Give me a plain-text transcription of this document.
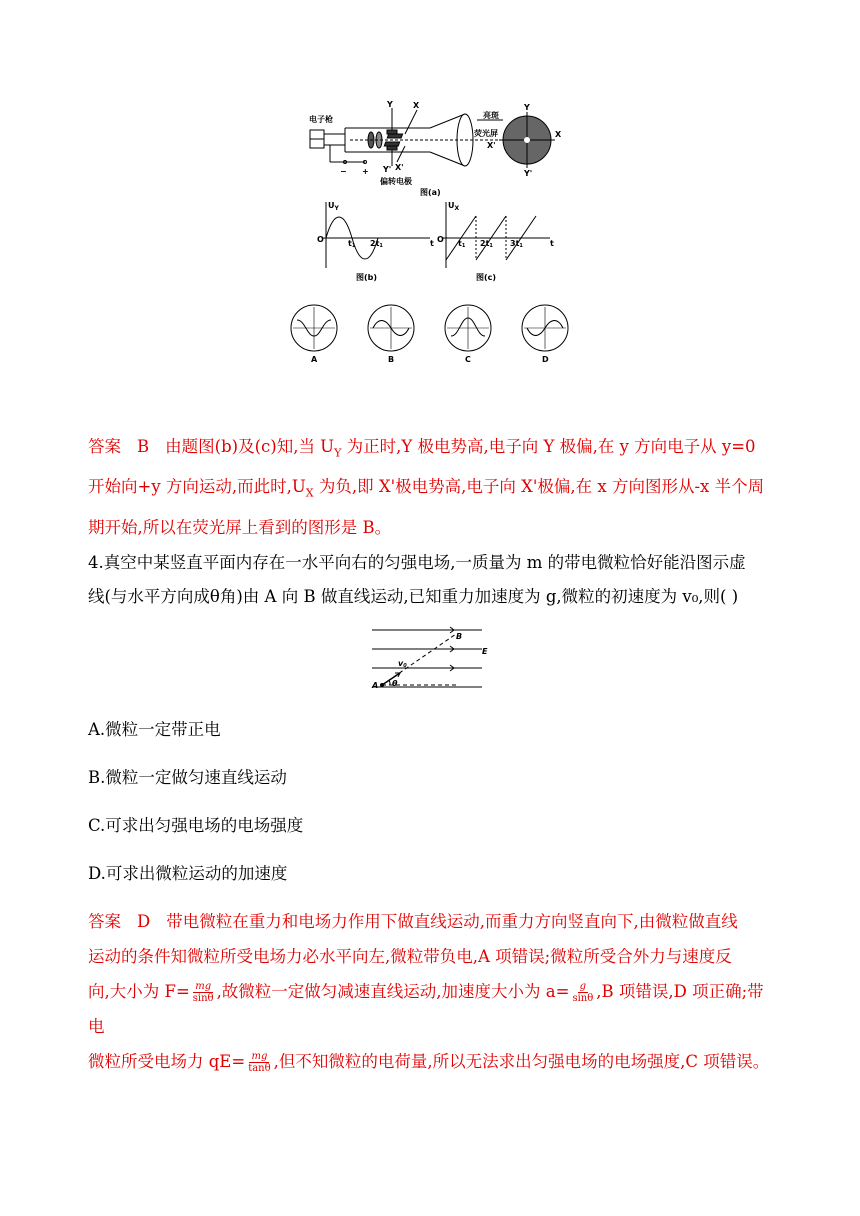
电子枪
Y	X
Y' X'
亮斑
X'
荧光屏
偏转电极
− +
Y
X
Y'
图(a)
$U_Y$
O	t1 2t1	t
图(b)
$U_X$
O t1 2t1 3t1	t
图(c)
A	B	C	D
答案 B 由题图(b)及(c)知,当 $U_Y$ 为正时,Y 极电势高,电子向 Y 极偏,在 y 方向电子从 y=0
开始向+y 方向运动,而此时$,U_X$ 为负,即 X'极电势高,电子向 X'极偏,在 x 方向图形从-x 半个周
期开始,所以在荧光屏上看到的图形是 B。
4.真空中某竖直平面内存在一水平向右的匀强电场,一质量为 m 的带电微粒恰好能沿图示虚
线(与水平方向成θ角)由 A 向 B 做直线运动,已知重力加速度为 g,微粒的初速度为 v₀,则( )
B
E
A θ
v0
A.微粒一定带正电
B.微粒一定做匀速直线运动
C.可求出匀强电场的电场强度
D.可求出微粒运动的加速度
答案 D 带电微粒在重力和电场力作用下做直线运动,而重力方向竖直向下,由微粒做直线
运动的条件知微粒所受电场力必水平向左,微粒带负电,A 项错误;微粒所受合外力与速度反
向,大小为 $F= \frac{mg}{\sin\theta}$ ,故微粒一定做匀减速直线运动,加速度大小为 $a= \frac{g}{\sin\theta} ,B$ 项错误,D 项正确;带电
微粒所受电场力 $qE= \frac{mg}{\tan\theta}$ ,但不知微粒的电荷量,所以无法求出匀强电场的电场强度,C 项错误。
